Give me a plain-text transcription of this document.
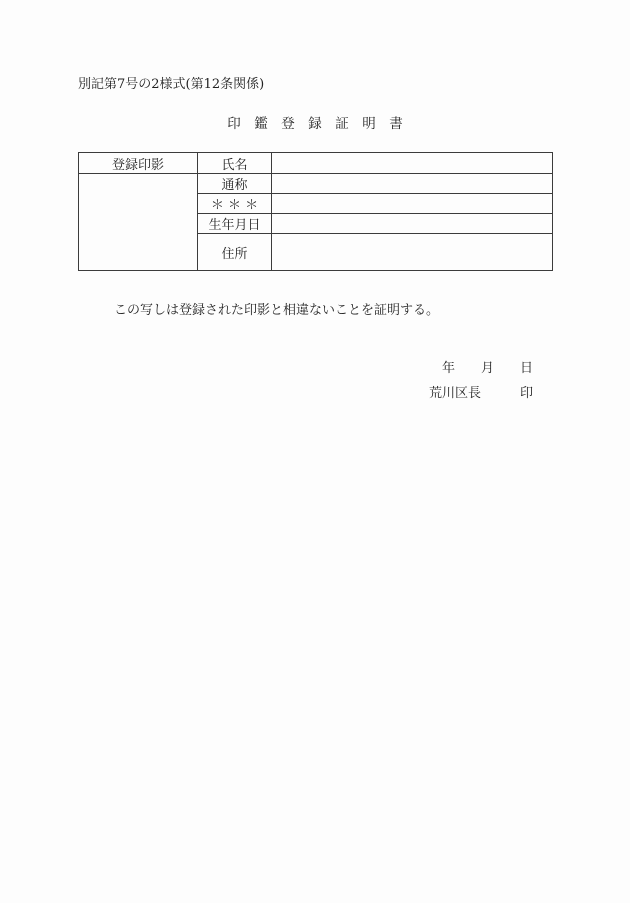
別記第7号の2様式(第12条関係)
印　鑑　登　録　証　明　書
登録印影	氏名	
	通称	
	＊ ＊ ＊	
	生年月日	
	住所	
この写しは登録された印影と相違ないことを証明する。
年　　月　　日
荒川区長　　　印
